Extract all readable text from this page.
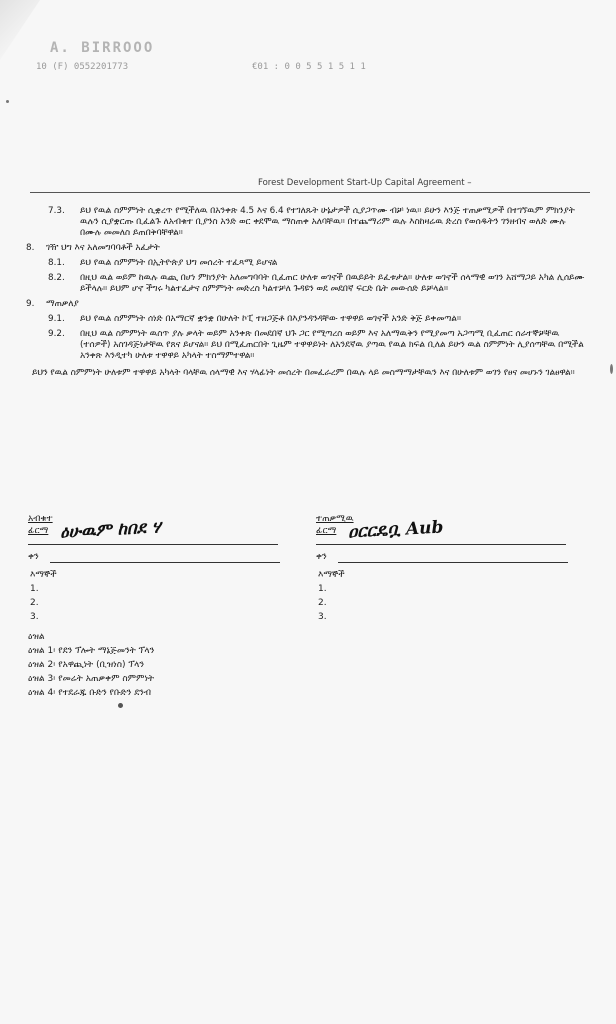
A. BIRROOO
10 (F) 0552201773	€01 : 0 0 5 5 1 5 1 1
Forest Development Start-Up Capital Agreement –
7.3.	ይህ የዉል ስምምነት ሲቋረጥ የሚችለዉ በአንቀጽ 4.5 እና 6.4 የተገለጹት ሁኔታዎች ሲያጋጥሙ ብቻ ነዉ። ይሁን እንጅ ተጠቃሚዎች በተገኘዉም ምክንያት ዉሉን ሲያቋርጡ ቢፈልጉ ለአብቁተ ቢያንስ አንድ ወር ቀደሞዉ ማስጠቀ አለባቸዉ። በተጨማሪም ዉሉ እስከዛሬዉ ድረስ የወሰዱትን ገንዘብና ወለድ ሙሉ በሙሉ መመለስ ይጠበቅባቸዋል።
8.	ገዥ ህግ እና አለመግባባቶች አፈታት
8.1.	ይህ የዉል ስምምነት በኢትዮጵያ ህግ መሰረት ተፈጻሚ ይሆናል
8.2.	በዚህ ዉል ወይም ከዉሉ ዉጪ በሆነ ምክንያት አለመግባባት ቢፈጠር ሁለቱ ወገኖች በዉይይት ይፈቱታል። ሁለቱ ወገኖች ሰላማዊ ወገን አሸማጋይ አካል ሊሰይሙ ይችላሉ። ይህም ሆኖ ችግሩ ካልተፈታና ስምምነት መድረስ ካልተቻለ ጉዳዩን ወደ መደበኛ ፍርድ ቤት መውሰድ ይቻላል።
9.	ማጠቃለያ
9.1.	ይህ የዉል ስምምነት ሰነድ በአማርኛ ቋንቋ በሁለት ኮፒ ተዘጋጅቶ በእያንዳንዳቸው ተዋዋይ ወገኖች አንድ ቅጅ ይቀመጣል።
9.2.	በዚህ ዉል ስምምነት ዉስጥ ያሉ ቃላት ወይም አንቀጽ በመደበኛ ህጉ ጋር የሚጣረስ ወይም እና አለማዉቅን የሚያመጣ አጋጣሚ ቢፈጠር ሰራተኞቻቸዉ (ተሰዎች) አስገዳጅነታቸዉ የጸና ይሆናል። ይህ በሚፈጠርበት ጊዜም ተዋዋይነት ለአንደኛዉ ያጣዉ የዉል ክፍል ቢለል ይሁን ዉል ስምምነት ሊያሰጣቸዉ በሚችል አንቀጽ እንዲተካ ሁለቱ ተዋዋይ አካላት ተስማምተዋል።
ይህን የዉል ስምምነት ሁለቱም ተዋዋይ አካላት ባላቸዉ ሰላማዊ እና ሃላፊነት መሰረት በመፈራረም በዉሉ ላይ መስማማታቸዉን እና በሁለቱም ወገን የፀና መሆኑን ገልፀዋል።
አብቁተ
ፊርማ ዕሁዉም ከበደ ሃ
ቀን
እማኞች
1.
2.
3.
ተጠቃሚዉ
ፊርማ ዐርርዴቧ Aub
ቀን
እማኞች
1.
2.
3.
ዕዝል
ዕዝል 1፡ የደን ፕሎት ማኔጅመንት ፕላን
ዕዝል 2፡ የአዋጪነት (ቢዝነስ) ፕላን
ዕዝል 3፡ የመሬት አጠቃቀም ስምምነት
ዕዝል 4፡ የተደራጁ ቡድን የቡድን ደንብ
